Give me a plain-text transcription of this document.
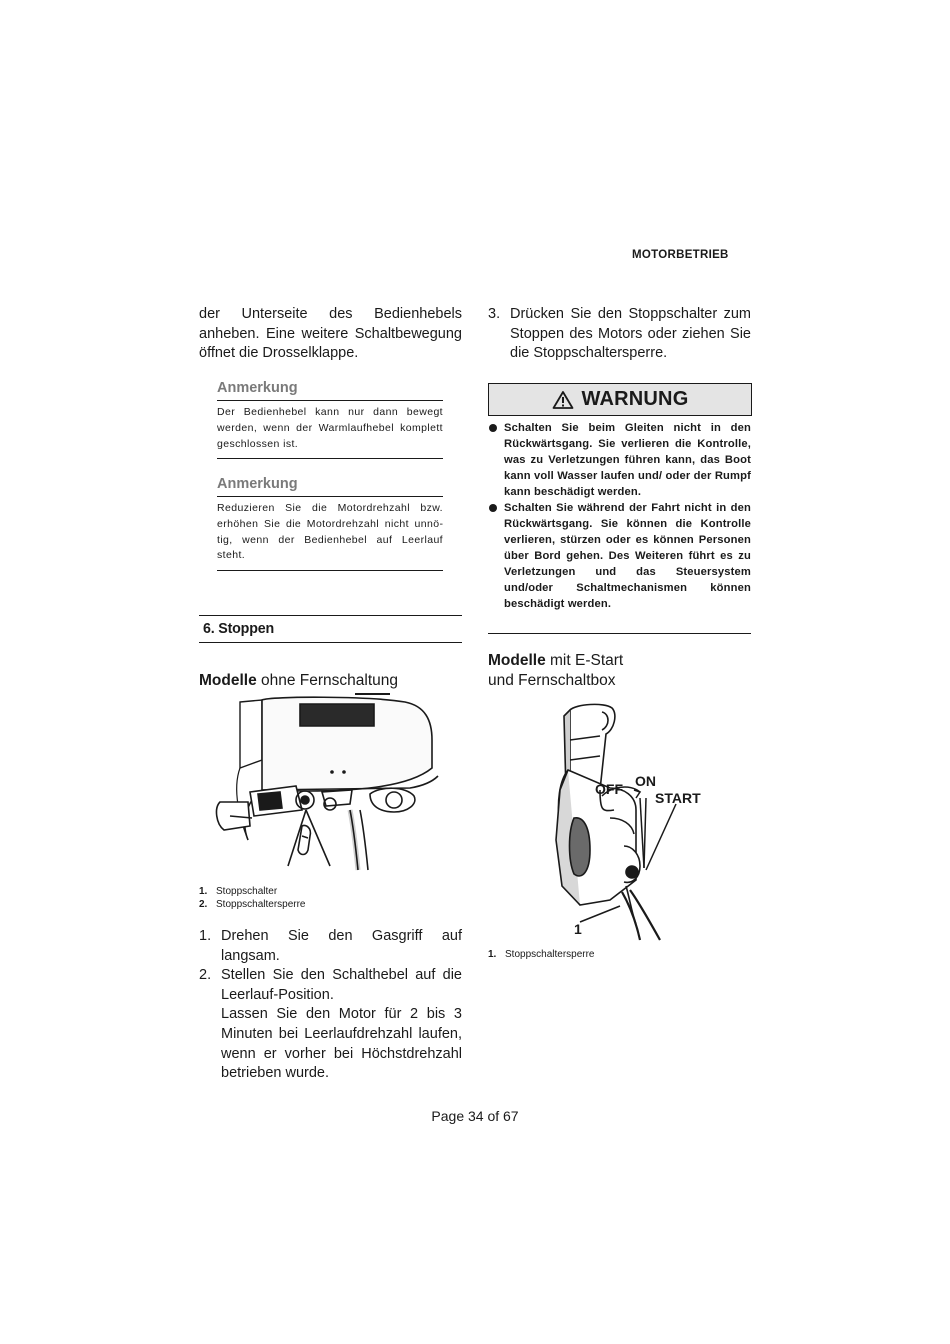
MOTORBETRIEB

der Unterseite des Bedienhebels anheben. Eine weitere Schaltbewegung öffnet die Drosselklappe.

Anmerkung

Der Bedienhebel kann nur dann bewegt werden, wenn der Warmlaufhebel komplett geschlossen ist.

Anmerkung

Reduzieren Sie die Motordrehzahl bzw. erhöhen Sie die Motordrehzahl nicht unnötig, wenn der Bedienhebel auf Leerlauf steht.

6. Stoppen

Modelle ohne Fernschaltung

1. Stoppschalter
2. Stoppschaltersperre
1. Drehen Sie den Gasgriff auf langsam.
2. Stellen Sie den Schalthebel auf die Leerlauf-Position.
Lassen Sie den Motor für 2 bis 3 Minuten bei Leerlaufdrehzahl laufen, wenn er vorher bei Höchstdrehzahl betrieben wurde.
3. Drücken Sie den Stoppschalter zum Stoppen des Motors oder ziehen Sie die Stoppschaltersperre.
WARNUNG
Schalten Sie beim Gleiten nicht in den Rückwärtsgang. Sie verlieren die Kontrolle, was zu Verletzungen führen kann, das Boot kann voll Wasser laufen und/ oder der Rumpf kann beschädigt werden.
Schalten Sie während der Fahrt nicht in den Rückwärtsgang. Sie können die Kontrolle verlieren, stürzen oder es können Personen über Bord gehen. Des Weiteren führt es zu Verletzungen und das Steuersystem und/oder Schaltmechanismen können beschädigt werden.

Modelle mit E-Start

und Fernschaltbox

OFF ON
START
1
1. Stoppschaltersperre
Page 34 of 67
